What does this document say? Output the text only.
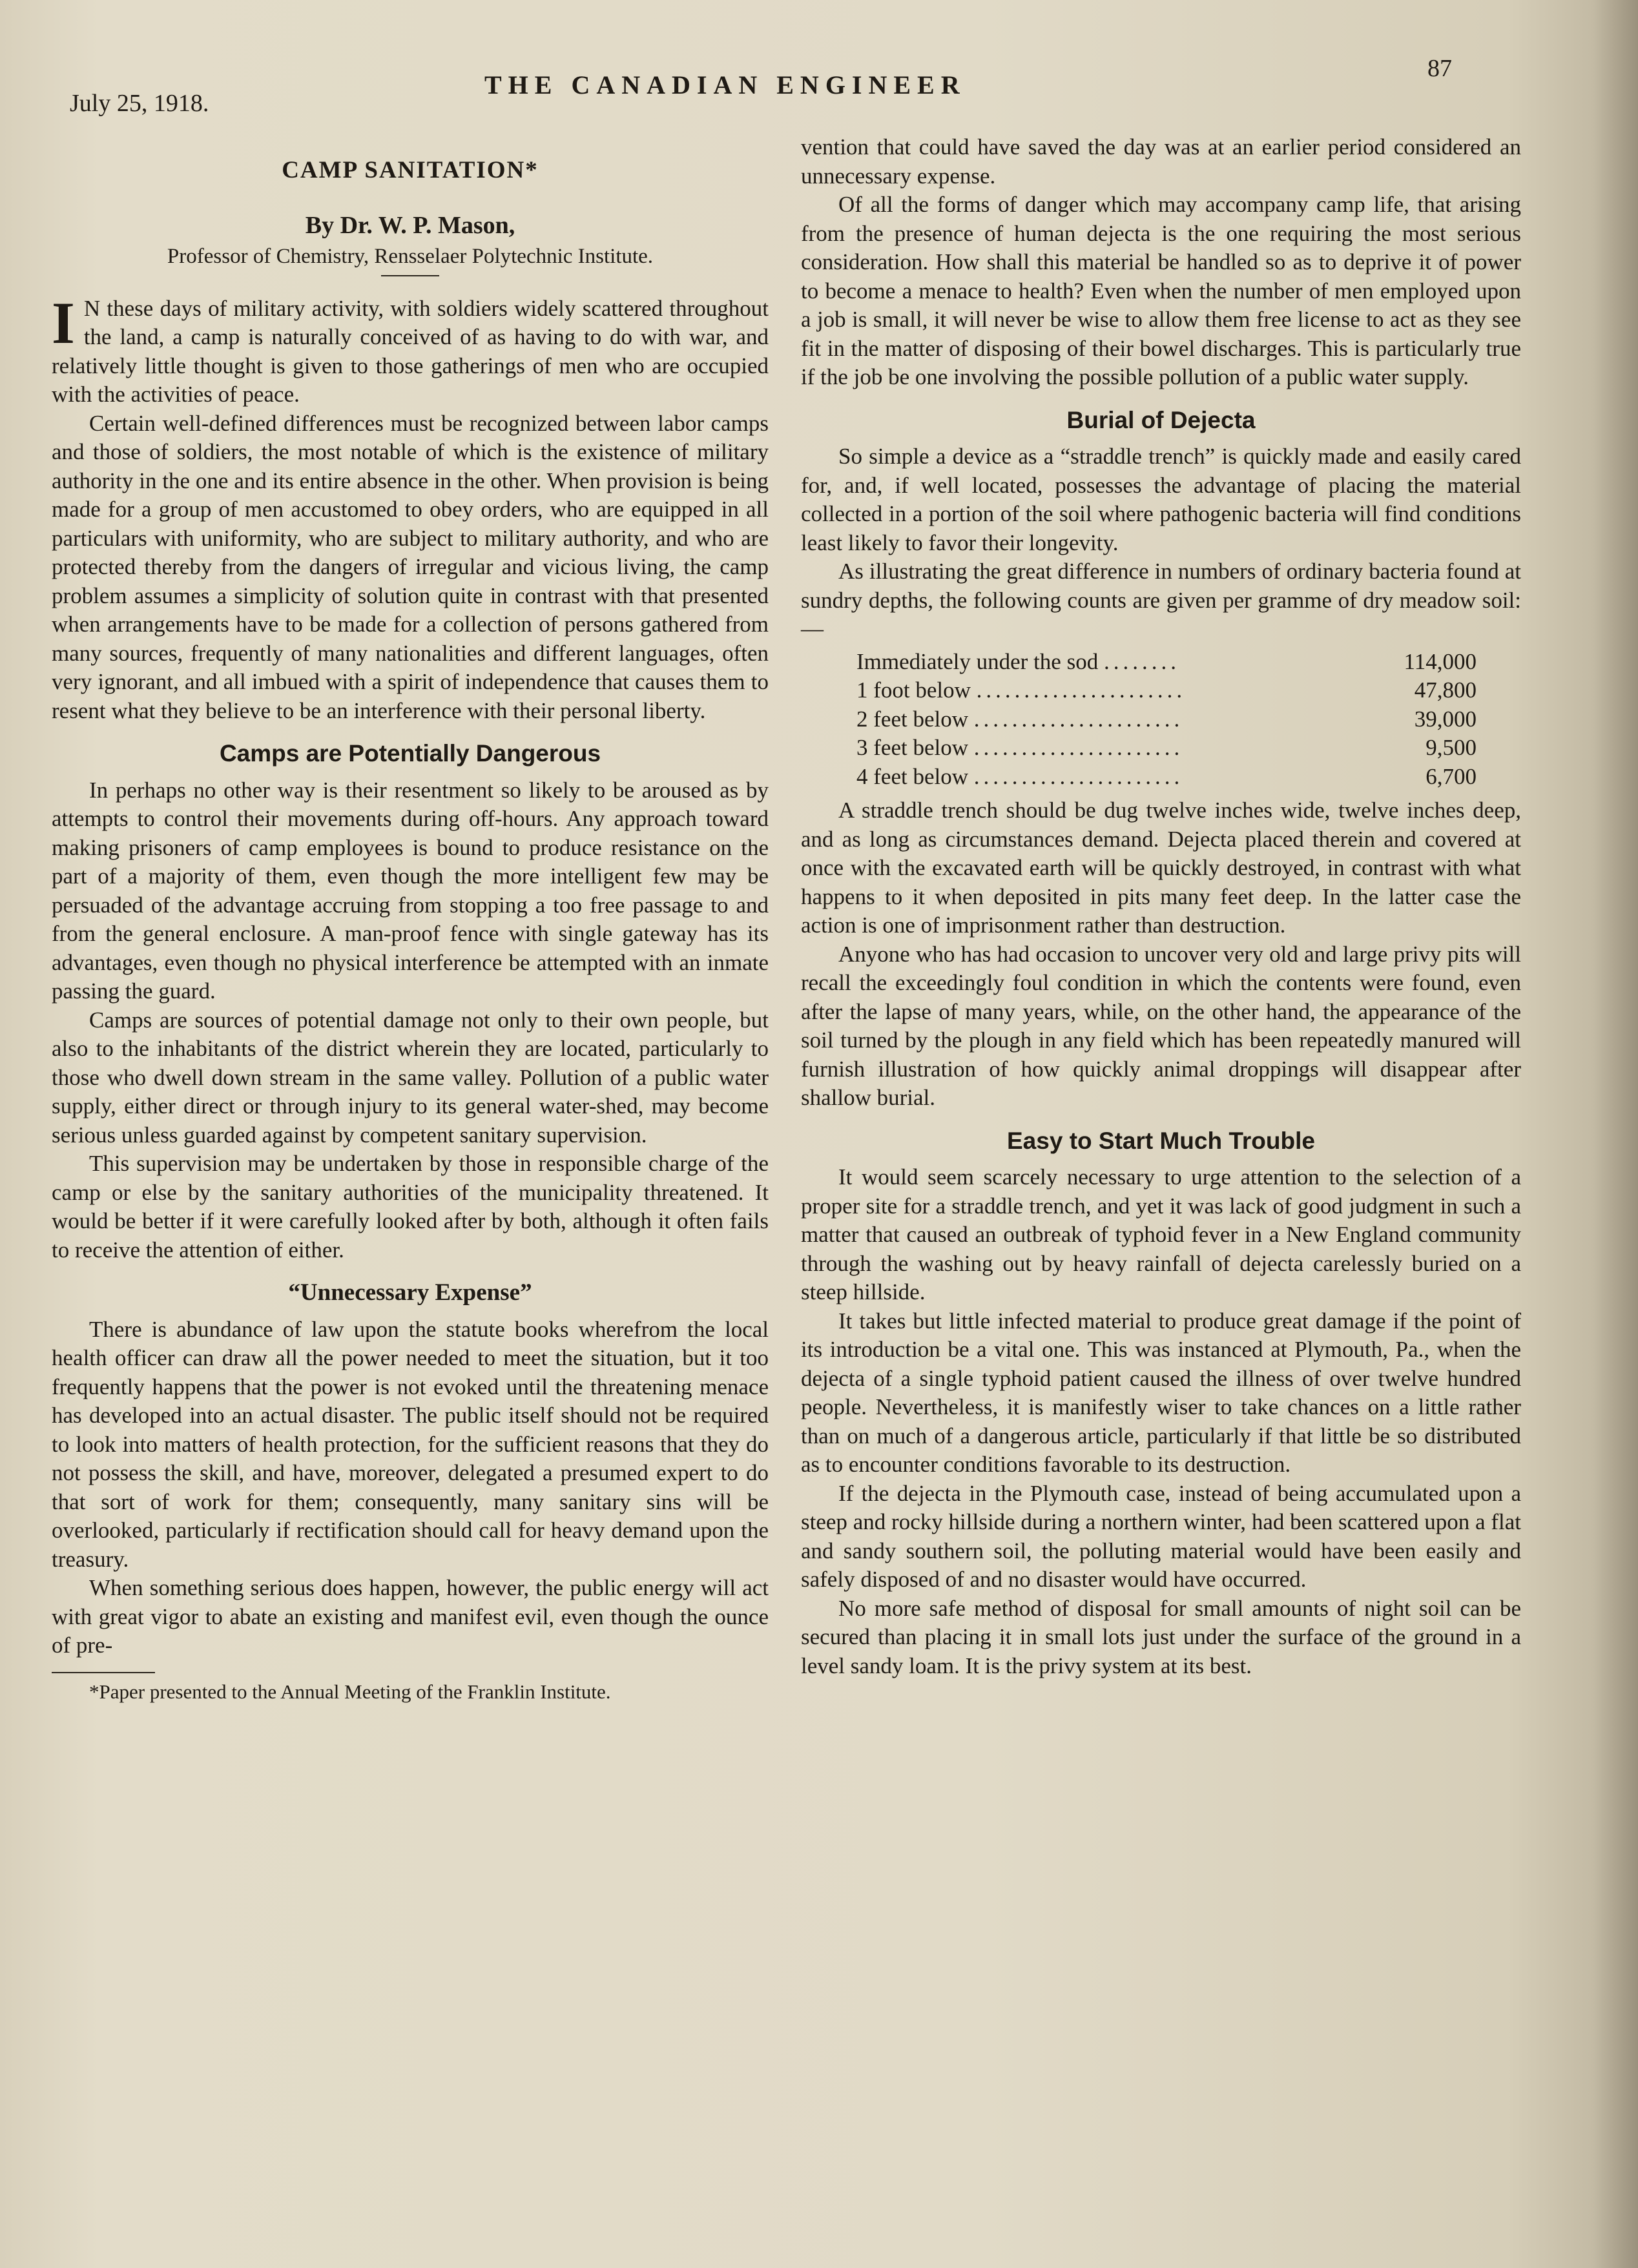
July 25, 1918.
THE CANADIAN ENGINEER
87
CAMP SANITATION*
By Dr. W. P. Mason,
Professor of Chemistry, Rensselaer Polytechnic Institute.

I N these days of military activity, with soldiers widely scattered throughout the land, a camp is naturally conceived of as having to do with war, and relatively little thought is given to those gatherings of men who are occupied with the activities of peace.

Certain well-defined differences must be recognized between labor camps and those of soldiers, the most notable of which is the existence of military authority in the one and its entire absence in the other. When provision is being made for a group of men accustomed to obey orders, who are equipped in all particulars with uniformity, who are subject to military authority, and who are protected thereby from the dangers of irregular and vicious living, the camp problem assumes a simplicity of solution quite in contrast with that presented when arrangements have to be made for a collection of persons gathered from many sources, frequently of many nationalities and different languages, often very ignorant, and all imbued with a spirit of independence that causes them to resent what they believe to be an interference with their personal liberty.

Camps are Potentially Dangerous

In perhaps no other way is their resentment so likely to be aroused as by attempts to control their movements during off-hours. Any approach toward making prisoners of camp employees is bound to produce resistance on the part of a majority of them, even though the more intelligent few may be persuaded of the advantage accruing from stopping a too free passage to and from the general enclosure. A man-proof fence with single gateway has its advantages, even though no physical interference be attempted with an inmate passing the guard.

Camps are sources of potential damage not only to their own people, but also to the inhabitants of the district wherein they are located, particularly to those who dwell down stream in the same valley. Pollution of a public water supply, either direct or through injury to its general water-shed, may become serious unless guarded against by competent sanitary supervision.

This supervision may be undertaken by those in responsible charge of the camp or else by the sanitary authorities of the municipality threatened. It would be better if it were carefully looked after by both, although it often fails to receive the attention of either.

“Unnecessary Expense”

There is abundance of law upon the statute books wherefrom the local health officer can draw all the power needed to meet the situation, but it too frequently happens that the power is not evoked until the threatening menace has developed into an actual disaster. The public itself should not be required to look into matters of health protection, for the sufficient reasons that they do not possess the skill, and have, moreover, delegated a presumed expert to do that sort of work for them; consequently, many sanitary sins will be overlooked, particularly if rectification should call for heavy demand upon the treasury.

When something serious does happen, however, the public energy will act with great vigor to abate an existing and manifest evil, even though the ounce of pre-

*Paper presented to the Annual Meeting of the Franklin Institute.

vention that could have saved the day was at an earlier period considered an unnecessary expense.

Of all the forms of danger which may accompany camp life, that arising from the presence of human dejecta is the one requiring the most serious consideration. How shall this material be handled so as to deprive it of power to become a menace to health? Even when the number of men employed upon a job is small, it will never be wise to allow them free license to act as they see fit in the matter of disposing of their bowel discharges. This is particularly true if the job be one involving the possible pollution of a public water supply.

Burial of Dejecta

So simple a device as a “straddle trench” is quickly made and easily cared for, and, if well located, possesses the advantage of placing the material collected in a portion of the soil where pathogenic bacteria will find conditions least likely to favor their longevity.

As illustrating the great difference in numbers of ordinary bacteria found at sundry depths, the following counts are given per gramme of dry meadow soil:—

Immediately under the sod ........	114,000
1 foot below ......................	47,800
2 feet below ......................	39,000
3 feet below ......................	9,500
4 feet below ......................	6,700

A straddle trench should be dug twelve inches wide, twelve inches deep, and as long as circumstances demand. Dejecta placed therein and covered at once with the excavated earth will be quickly destroyed, in contrast with what happens to it when deposited in pits many feet deep. In the latter case the action is one of imprisonment rather than destruction.

Anyone who has had occasion to uncover very old and large privy pits will recall the exceedingly foul condition in which the contents were found, even after the lapse of many years, while, on the other hand, the appearance of the soil turned by the plough in any field which has been repeatedly manured will furnish illustration of how quickly animal droppings will disappear after shallow burial.

Easy to Start Much Trouble

It would seem scarcely necessary to urge attention to the selection of a proper site for a straddle trench, and yet it was lack of good judgment in such a matter that caused an outbreak of typhoid fever in a New England community through the washing out by heavy rainfall of dejecta carelessly buried on a steep hillside.

It takes but little infected material to produce great damage if the point of its introduction be a vital one. This was instanced at Plymouth, Pa., when the dejecta of a single typhoid patient caused the illness of over twelve hundred people. Nevertheless, it is manifestly wiser to take chances on a little rather than on much of a dangerous article, particularly if that little be so distributed as to encounter conditions favorable to its destruction.

If the dejecta in the Plymouth case, instead of being accumulated upon a steep and rocky hillside during a northern winter, had been scattered upon a flat and sandy southern soil, the polluting material would have been easily and safely disposed of and no disaster would have occurred.

No more safe method of disposal for small amounts of night soil can be secured than placing it in small lots just under the surface of the ground in a level sandy loam. It is the privy system at its best.
